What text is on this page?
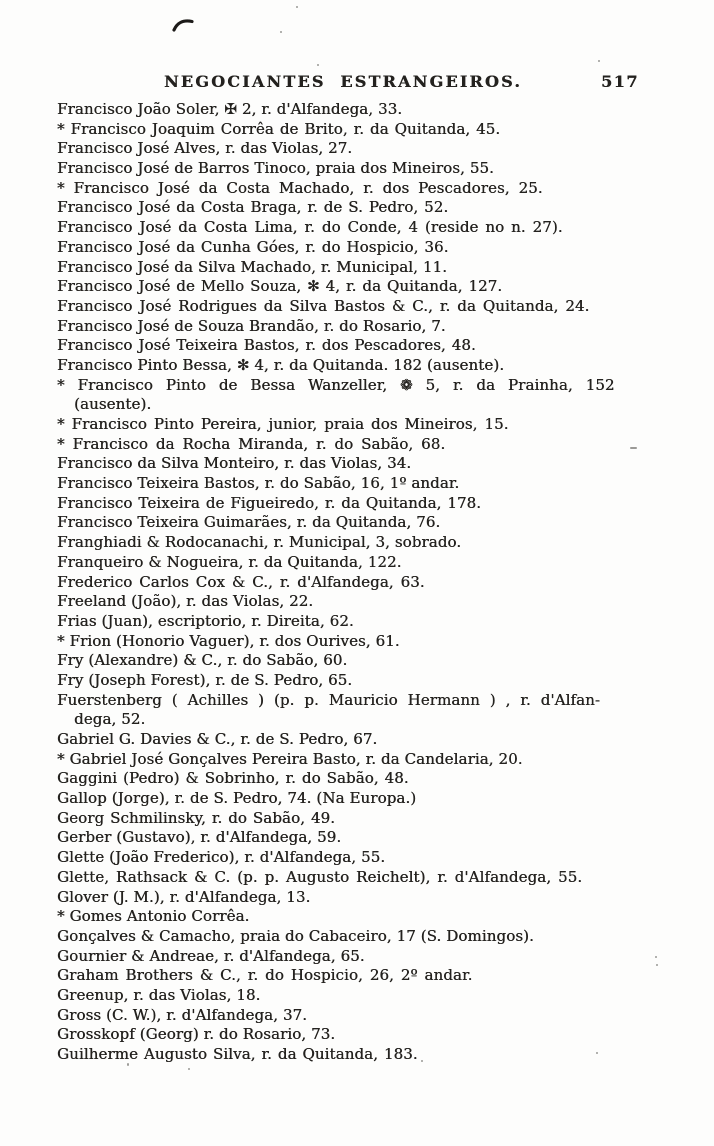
NEGOCIANTES ESTRANGEIROS.	517
Francisco João Soler, ✠ 2, r. d'Alfandega, 33.
* Francisco Joaquim Corrêa de Brito, r. da Quitanda, 45.
Francisco José Alves, r. das Violas, 27.
Francisco José de Barros Tinoco, praia dos Mineiros, 55.
* Francisco José da Costa Machado, r. dos Pescadores, 25.
Francisco José da Costa Braga, r. de S. Pedro, 52.
Francisco José da Costa Lima, r. do Conde, 4 (reside no n. 27).
Francisco José da Cunha Góes, r. do Hospicio, 36.
Francisco José da Silva Machado, r. Municipal, 11.
Francisco José de Mello Souza, ✻ 4, r. da Quitanda, 127.
Francisco José Rodrigues da Silva Bastos & C., r. da Quitanda, 24.
Francisco José de Souza Brandão, r. do Rosario, 7.
Francisco José Teixeira Bastos, r. dos Pescadores, 48.
Francisco Pinto Bessa, ✻ 4, r. da Quitanda. 182 (ausente).
* Francisco Pinto de Bessa Wanzeller, ❁ 5, r. da Prainha, 152
(ausente).
* Francisco Pinto Pereira, junior, praia dos Mineiros, 15.
* Francisco da Rocha Miranda, r. do Sabão, 68.
Francisco da Silva Monteiro, r. das Violas, 34.
Francisco Teixeira Bastos, r. do Sabão, 16, 1º andar.
Francisco Teixeira de Figueiredo, r. da Quitanda, 178.
Francisco Teixeira Guimarães, r. da Quitanda, 76.
Franghiadi & Rodocanachi, r. Municipal, 3, sobrado.
Franqueiro & Nogueira, r. da Quitanda, 122.
Frederico Carlos Cox & C., r. d'Alfandega, 63.
Freeland (João), r. das Violas, 22.
Frias (Juan), escriptorio, r. Direita, 62.
* Frion (Honorio Vaguer), r. dos Ourives, 61.
Fry (Alexandre) & C., r. do Sabão, 60.
Fry (Joseph Forest), r. de S. Pedro, 65.
Fuerstenberg ( Achilles ) (p. p. Mauricio Hermann ) , r. d'Alfan-
dega, 52.
Gabriel G. Davies & C., r. de S. Pedro, 67.
* Gabriel José Gonçalves Pereira Basto, r. da Candelaria, 20.
Gaggini (Pedro) & Sobrinho, r. do Sabão, 48.
Gallop (Jorge), r. de S. Pedro, 74. (Na Europa.)
Georg Schmilinsky, r. do Sabão, 49.
Gerber (Gustavo), r. d'Alfandega, 59.
Glette (João Frederico), r. d'Alfandega, 55.
Glette, Rathsack & C. (p. p. Augusto Reichelt), r. d'Alfandega, 55.
Glover (J. M.), r. d'Alfandega, 13.
* Gomes Antonio Corrêa.
Gonçalves & Camacho, praia do Cabaceiro, 17 (S. Domingos).
Gournier & Andreae, r. d'Alfandega, 65.
Graham Brothers & C., r. do Hospicio, 26, 2º andar.
Greenup, r. das Violas, 18.
Gross (C. W.), r. d'Alfandega, 37.
Grosskopf (Georg) r. do Rosario, 73.
Guilherme Augusto Silva, r. da Quitanda, 183.
